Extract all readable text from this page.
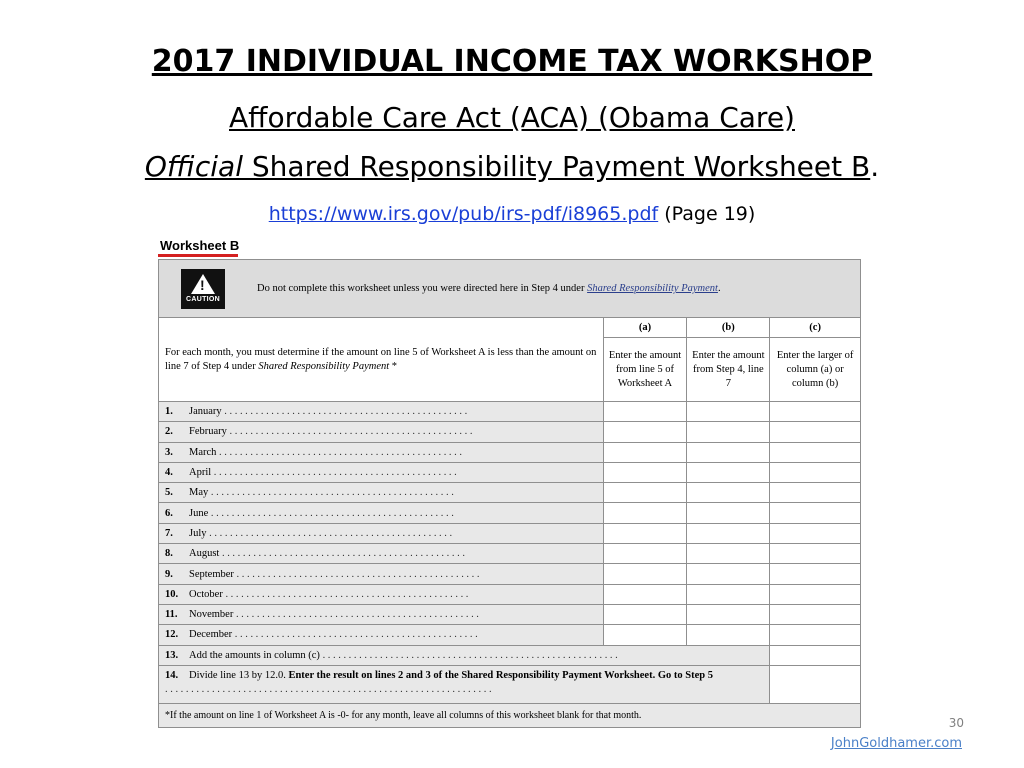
2017 INDIVIDUAL INCOME TAX WORKSHOP
Affordable Care Act (ACA) (Obama Care)
Official Shared Responsibility Payment Worksheet B.
https://www.irs.gov/pub/irs-pdf/i8965.pdf (Page 19)
Worksheet B
!
CAUTION
Do not complete this worksheet unless you were directed here in Step 4 under Shared Responsibility Payment.			

For each month, you must determine if the amount on line 5 of Worksheet A is less than the amount on line 7 of Step 4 under Shared Responsibility Payment *	(a)	(b)	(c)
	Enter the amount from line 5 of Worksheet A	Enter the amount from Step 4, line 7	Enter the larger of column (a) or column (b)
1. January ...............................................			
2. February ...............................................			
3. March ...............................................			
4. April ...............................................			
5. May ...............................................			
6. June ...............................................			
7. July ...............................................			
8. August ...............................................			
9. September ...............................................			
10. October ...............................................			
11. November ...............................................			
12. December ...............................................			
13. Add the amounts in column (c) .........................................................			
14. Divide line 13 by 12.0. Enter the result on lines 2 and 3 of the Shared Responsibility Payment Worksheet. Go to Step 5 ...............................................................			
*If the amount on line 1 of Worksheet A is -0- for any month, leave all columns of this worksheet blank for that month.			
30
JohnGoldhamer.com
